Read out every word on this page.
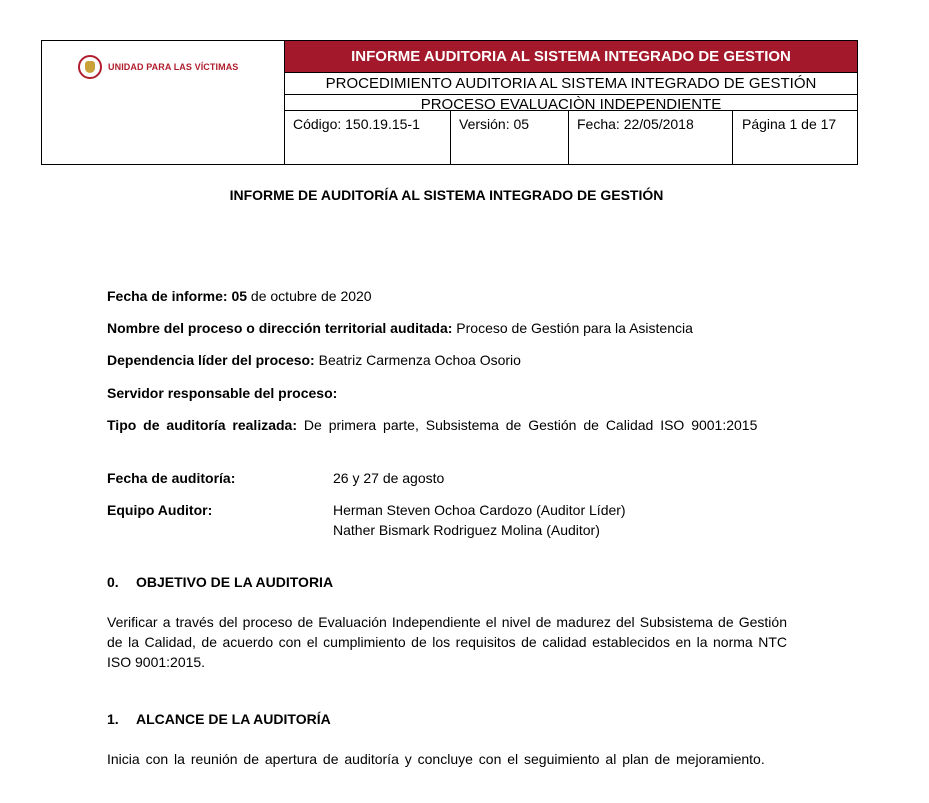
UNIDAD PARA LAS VÍCTIMAS
INFORME AUDITORIA AL SISTEMA INTEGRADO DE GESTION
PROCEDIMIENTO AUDITORIA AL SISTEMA INTEGRADO DE GESTIÓN
PROCESO EVALUACIÒN INDEPENDIENTE
Código: 150.19.15-1	Versión: 05	Fecha: 22/05/2018	Página 1 de 17
INFORME DE AUDITORÍA AL SISTEMA INTEGRADO DE GESTIÓN
Fecha de informe: 05 de octubre de 2020
Nombre del proceso o dirección territorial auditada: Proceso de Gestión para la Asistencia
Dependencia líder del proceso: Beatriz Carmenza Ochoa Osorio
Servidor responsable del proceso:
Tipo de auditoría realizada: De primera parte, Subsistema de Gestión de Calidad ISO 9001:2015
Fecha de auditoría:	26 y 27 de agosto
Equipo Auditor:	Herman Steven Ochoa Cardozo (Auditor Líder)
Nather Bismark Rodriguez Molina (Auditor)
0. OBJETIVO DE LA AUDITORIA
Verificar a través del proceso de Evaluación Independiente el nivel de madurez del Subsistema de Gestión de la Calidad, de acuerdo con el cumplimiento de los requisitos de calidad establecidos en la norma NTC ISO 9001:2015.
1. ALCANCE DE LA AUDITORÍA
Inicia con la reunión de apertura de auditoría y concluye con el seguimiento al plan de mejoramiento.
